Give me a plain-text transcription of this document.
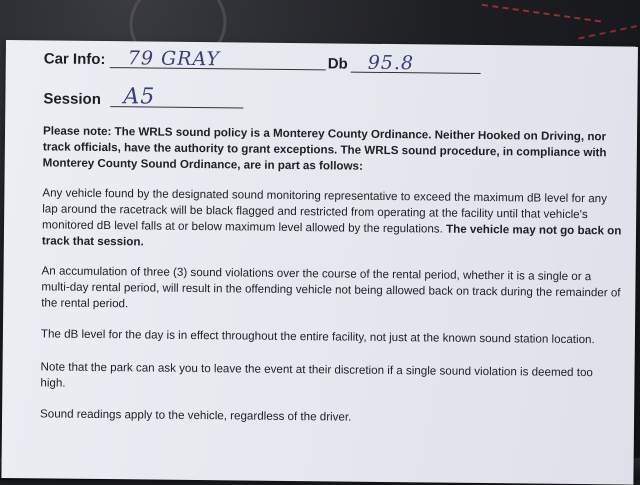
Car Info: 79 GRAY	Db 95.8
Session A5
Please note: The WRLS sound policy is a Monterey County Ordinance. Neither Hooked on Driving, nor track officials, have the authority to grant exceptions. The WRLS sound procedure, in compliance with Monterey County Sound Ordinance, are in part as follows:
Any vehicle found by the designated sound monitoring representative to exceed the maximum dB level for any lap around the racetrack will be black flagged and restricted from operating at the facility until that vehicle's monitored dB level falls at or below maximum level allowed by the regulations. The vehicle may not go back on track that session.
An accumulation of three (3) sound violations over the course of the rental period, whether it is a single or a multi-day rental period, will result in the offending vehicle not being allowed back on track during the remainder of the rental period.
The dB level for the day is in effect throughout the entire facility, not just at the known sound station location.
Note that the park can ask you to leave the event at their discretion if a single sound violation is deemed too high.
Sound readings apply to the vehicle, regardless of the driver.
